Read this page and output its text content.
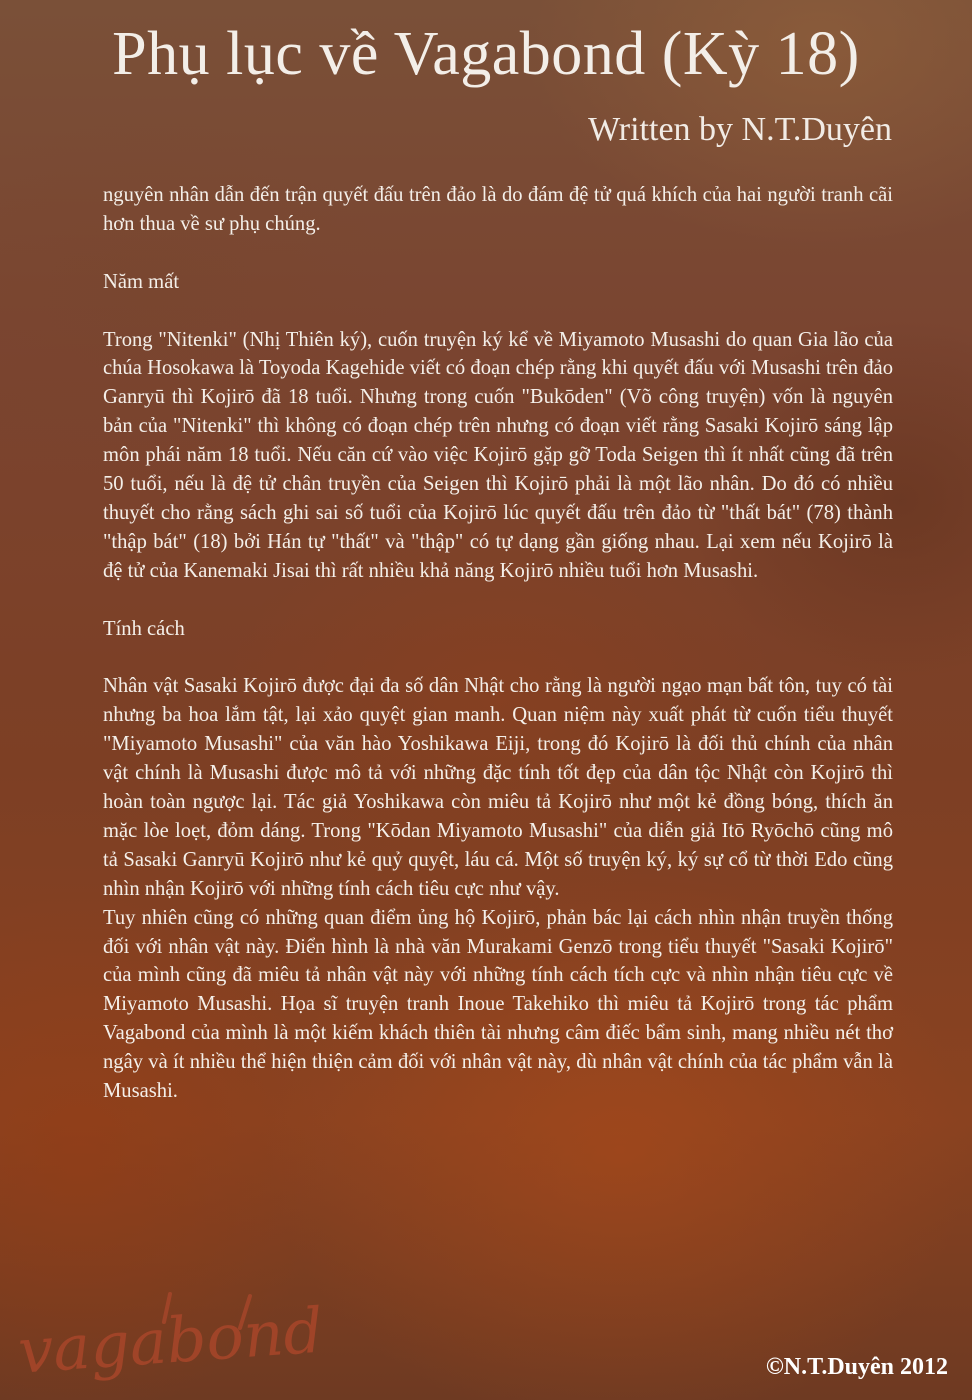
Phụ lục về Vagabond (Kỳ 18)
Written by N.T.Duyên

nguyên nhân dẫn đến trận quyết đấu trên đảo là do đám đệ tử quá khích của hai người tranh cãi hơn thua về sư phụ chúng.

Năm mất

Trong "Nitenki" (Nhị Thiên ký), cuốn truyện ký kể về Miyamoto Musashi do quan Gia lão của chúa Hosokawa là Toyoda Kagehide viết có đoạn chép rằng khi quyết đấu với Musashi trên đảo Ganryū thì Kojirō đã 18 tuổi. Nhưng trong cuốn "Bukōden" (Võ công truyện) vốn là nguyên bản của "Nitenki" thì không có đoạn chép trên nhưng có đoạn viết rằng Sasaki Kojirō sáng lập môn phái năm 18 tuổi. Nếu căn cứ vào việc Kojirō gặp gỡ Toda Seigen thì ít nhất cũng đã trên 50 tuổi, nếu là đệ tử chân truyền của Seigen thì Kojirō phải là một lão nhân. Do đó có nhiều thuyết cho rằng sách ghi sai số tuổi của Kojirō lúc quyết đấu trên đảo từ "thất bát" (78) thành "thập bát" (18) bởi Hán tự "thất" và "thập" có tự dạng gần giống nhau. Lại xem nếu Kojirō là đệ tử của Kanemaki Jisai thì rất nhiều khả năng Kojirō nhiều tuổi hơn Musashi.

Tính cách

Nhân vật Sasaki Kojirō được đại đa số dân Nhật cho rằng là người ngạo mạn bất tôn, tuy có tài nhưng ba hoa lắm tật, lại xảo quyệt gian manh. Quan niệm này xuất phát từ cuốn tiểu thuyết "Miyamoto Musashi" của văn hào Yoshikawa Eiji, trong đó Kojirō là đối thủ chính của nhân vật chính là Musashi được mô tả với những đặc tính tốt đẹp của dân tộc Nhật còn Kojirō thì hoàn toàn ngược lại. Tác giả Yoshikawa còn miêu tả Kojirō như một kẻ đồng bóng, thích ăn mặc lòe loẹt, đỏm dáng. Trong "Kōdan Miyamoto Musashi" của diễn giả Itō Ryōchō cũng mô tả Sasaki Ganryū Kojirō như kẻ quỷ quyệt, láu cá. Một số truyện ký, ký sự cổ từ thời Edo cũng nhìn nhận Kojirō với những tính cách tiêu cực như vậy.

Tuy nhiên cũng có những quan điểm ủng hộ Kojirō, phản bác lại cách nhìn nhận truyền thống đối với nhân vật này. Điển hình là nhà văn Murakami Genzō trong tiểu thuyết "Sasaki Kojirō" của mình cũng đã miêu tả nhân vật này với những tính cách tích cực và nhìn nhận tiêu cực về Miyamoto Musashi. Họa sĩ truyện tranh Inoue Takehiko thì miêu tả Kojirō trong tác phẩm Vagabond của mình là một kiếm khách thiên tài nhưng câm điếc bẩm sinh, mang nhiều nét thơ ngây và ít nhiều thể hiện thiện cảm đối với nhân vật này, dù nhân vật chính của tác phẩm vẫn là Musashi.

vagabond	©N.T.Duyên 2012
